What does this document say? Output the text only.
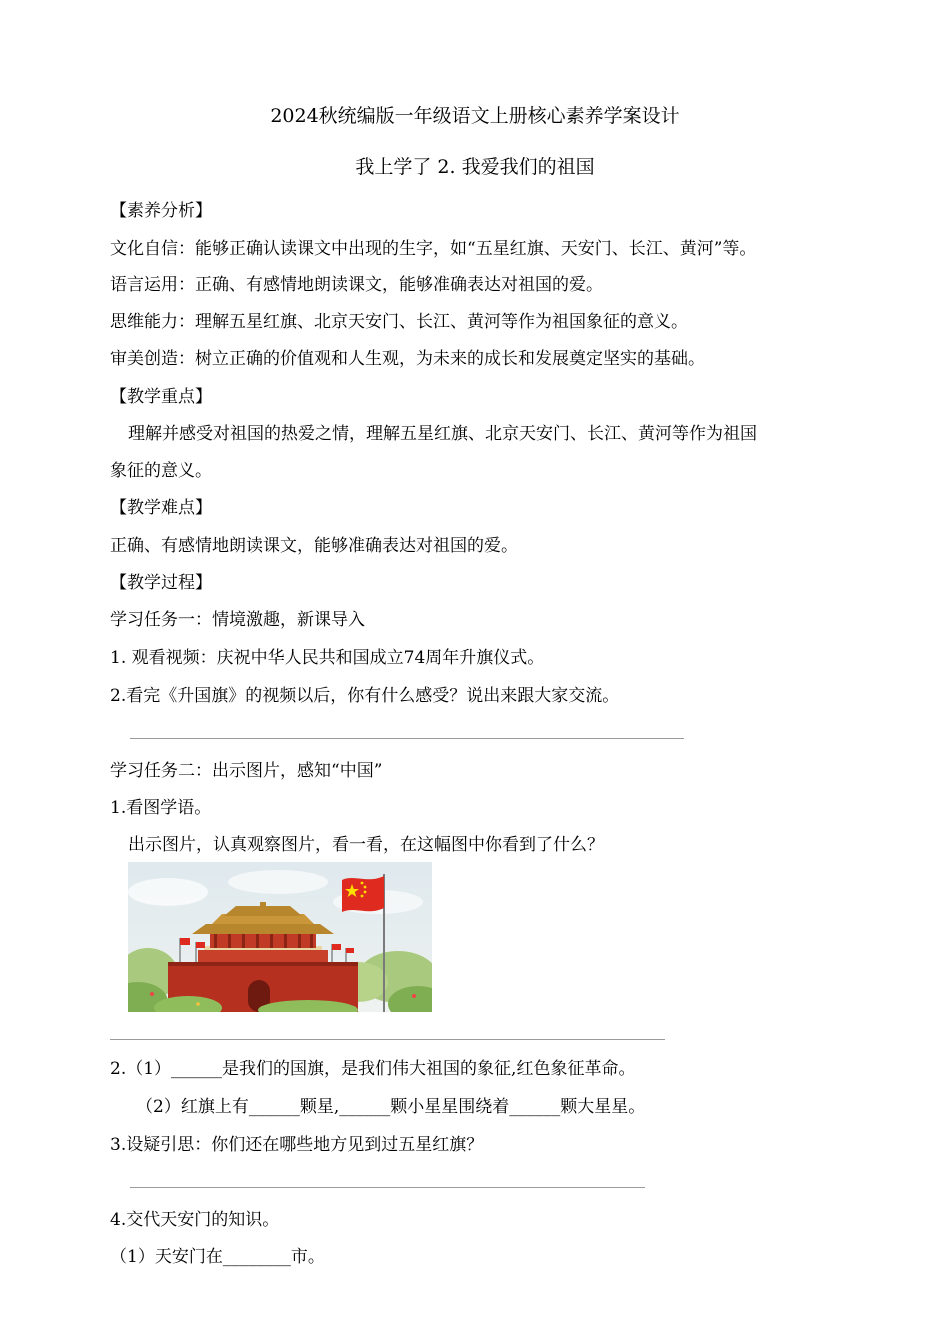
2024秋统编版一年级语文上册核心素养学案设计
我上学了 2. 我爱我们的祖国
【素养分析】
文化自信：能够正确认读课文中出现的生字，如“五星红旗、天安门、长江、黄河”等。
语言运用：正确、有感情地朗读课文，能够准确表达对祖国的爱。
思维能力：理解五星红旗、北京天安门、长江、黄河等作为祖国象征的意义。
审美创造：树立正确的价值观和人生观，为未来的成长和发展奠定坚实的基础。
【教学重点】
理解并感受对祖国的热爱之情，理解五星红旗、北京天安门、长江、黄河等作为祖国
象征的意义。
【教学难点】
正确、有感情地朗读课文，能够准确表达对祖国的爱。
【教学过程】
学习任务一：情境激趣，新课导入
1. 观看视频：庆祝中华人民共和国成立74周年升旗仪式。
2.看完《升国旗》的视频以后，你有什么感受？说出来跟大家交流。
学习任务二：出示图片，感知“中国”
1.看图学语。
出示图片，认真观察图片，看一看，在这幅图中你看到了什么？
2.（1）______是我们的国旗，是我们伟大祖国的象征,红色象征革命。
（2）红旗上有______颗星,______颗小星星围绕着______颗大星星。
3.设疑引思：你们还在哪些地方见到过五星红旗？
4.交代天安门的知识。
（1）天安门在________市。
